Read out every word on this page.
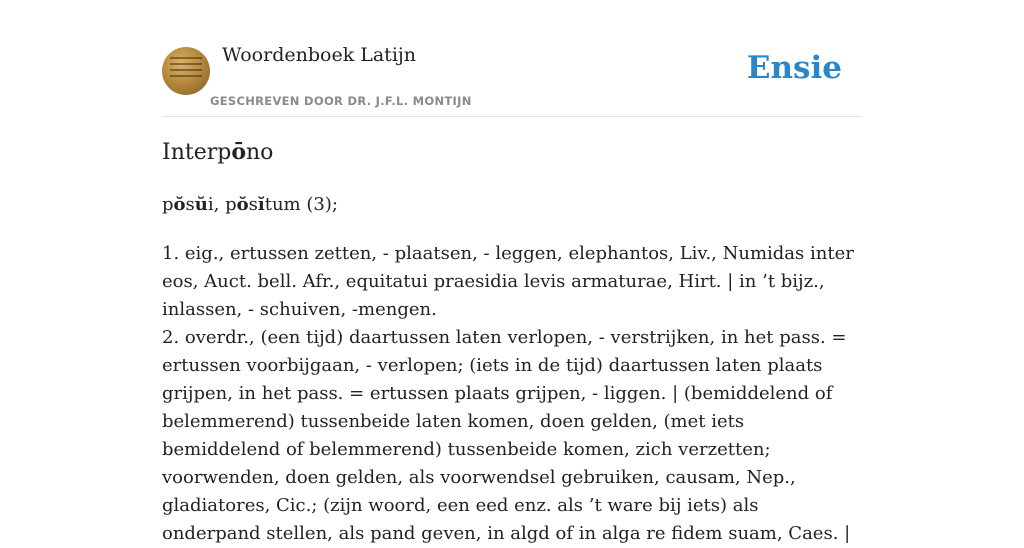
Woordenboek Latijn
GESCHREVEN DOOR DR. J.F.L. MONTIJN
Ensie
Interpōno
pŏsŭi, pŏsĭtum (3);

1. eig., ertussen zetten, - plaatsen, - leggen, elephantos, Liv., Numidas inter eos, Auct. bell. Afr., equitatui praesidia levis armaturae, Hirt. | in ’t bijz., inlassen, - schuiven, -mengen.

2. overdr., (een tijd) daartussen laten verlopen, - verstrijken, in het pass. = ertussen voorbijgaan, - verlopen; (iets in de tijd) daartussen laten plaats grijpen, in het pass. = ertussen plaats grijpen, - liggen. | (bemiddelend of belemmerend) tussenbeide laten komen, doen gelden, (met iets bemiddelend of belemmerend) tussenbeide komen, zich verzetten; voorwenden, doen gelden, als voorwendsel gebruiken, causam, Nep., gladiatores, Cic.; (zijn woord, een eed enz. als ’t ware bij iets) als onderpand stellen, als pand geven, in algd of in alga re fidem suam, Caes. |
